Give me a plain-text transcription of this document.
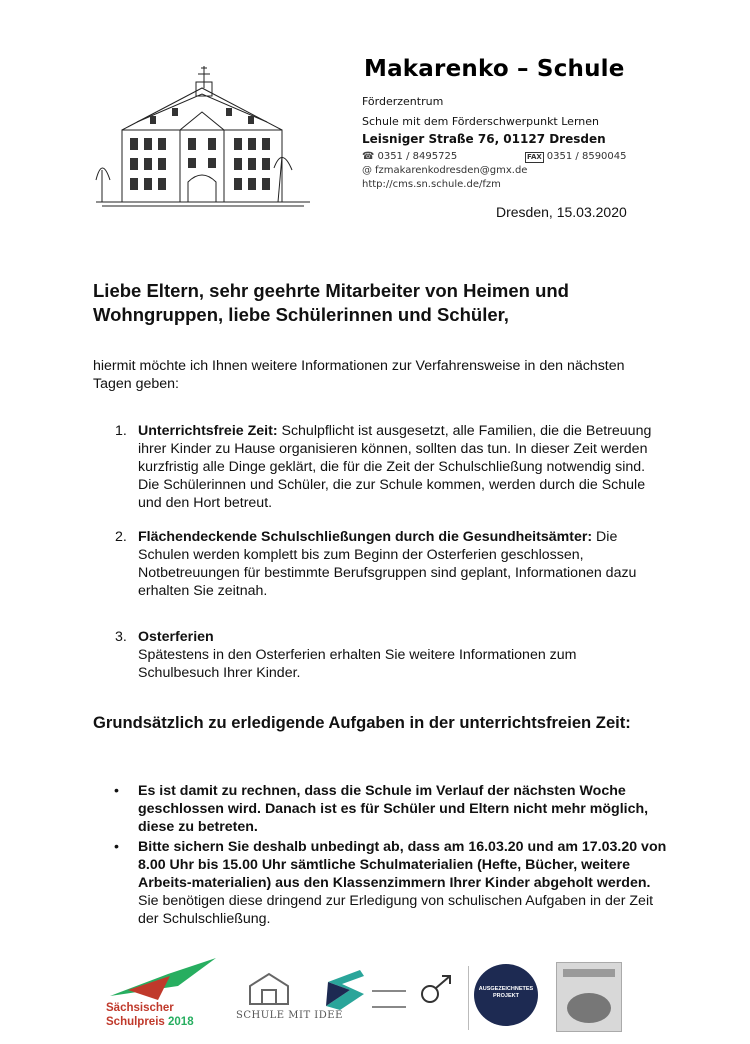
Makarenko – Schule
Förderzentrum
Schule mit dem Förderschwerpunkt Lernen
Leisniger Straße 76, 01127 Dresden
☎ 0351 / 8495725	FAX 0351 / 8590045
@ fzmakarenkodresden@gmx.de
http://cms.sn.schule.de/fzm
Dresden, 15.03.2020
Liebe Eltern, sehr geehrte Mitarbeiter von Heimen und
Wohngruppen, liebe Schülerinnen und Schüler,
hiermit möchte ich Ihnen weitere Informationen zur Verfahrensweise in den nächsten Tagen geben:
1. Unterrichtsfreie Zeit: Schulpflicht ist ausgesetzt, alle Familien, die die Betreuung ihrer Kinder zu Hause organisieren können, sollten das tun. In dieser Zeit werden kurzfristig alle Dinge geklärt, die für die Zeit der Schulschließung notwendig sind. Die Schülerinnen und Schüler, die zur Schule kommen, werden durch die Schule und den Hort betreut.
2. Flächendeckende Schulschließungen durch die Gesundheitsämter: Die Schulen werden komplett bis zum Beginn der Osterferien geschlossen, Notbetreuungen für bestimmte Berufsgruppen sind geplant, Informationen dazu erhalten Sie zeitnah.
3. Osterferien
Spätestens in den Osterferien erhalten Sie weitere Informationen zum Schulbesuch Ihrer Kinder.
Grundsätzlich zu erledigende Aufgaben in der unterrichtsfreien Zeit:
• Es ist damit zu rechnen, dass die Schule im Verlauf der nächsten Woche geschlossen wird. Danach ist es für Schüler und Eltern nicht mehr möglich, diese zu betreten.
• Bitte sichern Sie deshalb unbedingt ab, dass am 16.03.20 und am 17.03.20 von 8.00 Uhr bis 15.00 Uhr sämtliche Schulmaterialien (Hefte, Bücher, weitere Arbeits-materialien) aus den Klassenzimmern Ihrer Kinder abgeholt werden. Sie benötigen diese dringend zur Erledigung von schulischen Aufgaben in der Zeit der Schulschließung.
Sächsischer
Schulpreis 2018
SCHULE MIT IDEE
AUSGEZEICHNETES
PROJEKT
